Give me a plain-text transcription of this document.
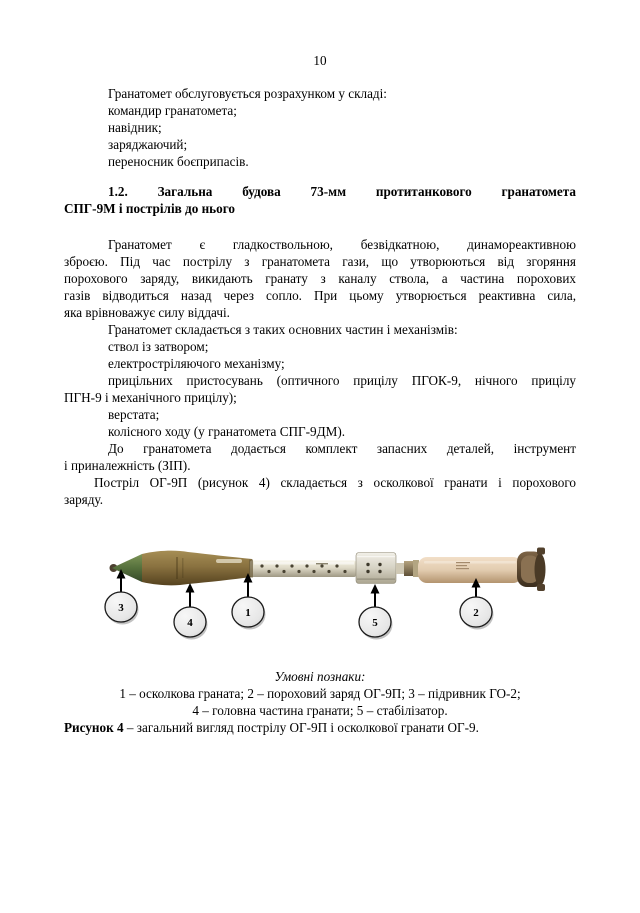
10
Гранатомет обслуговується розрахунком у складі:
командир гранатомета;
навідник;
заряджаючий;
переносник боєприпасів.
1.2. Загальна будова 73-мм протитанкового гранатомета
СПГ-9М і пострілів до нього
Гранатомет є гладкоствольною, безвідкатною, динамореактивною
зброєю. Під час пострілу з гранатомета гази, що утворюються від згоряння
порохового заряду, викидають гранату з каналу ствола, а частина порохових
газів відводиться назад через сопло. При цьому утворюється реактивна сила,
яка врівноважує силу віддачі.
Гранатомет складається з таких основних частин і механізмів:
ствол із затвором;
електростріляючого механізму;
прицільних пристосувань (оптичного прицілу ПГОК-9, нічного прицілу
ПГН-9 і механічного прицілу);
верстата;
колісного ходу (у гранатомета СПГ-9ДМ).
До гранатомета додається комплект запасних деталей, інструмент
і приналежність (ЗІП).
Постріл ОГ-9П (рисунок 4) складається з осколкової гранати і порохового
заряду.
3
4
1
5
2
Умовні познаки:
1 – осколкова граната; 2 – пороховий заряд ОГ-9П; 3 – підривник ГО-2;
4 – головна частина гранати; 5 – стабілізатор.
Рисунок 4 – загальний вигляд пострілу ОГ-9П і осколкової гранати ОГ-9.
